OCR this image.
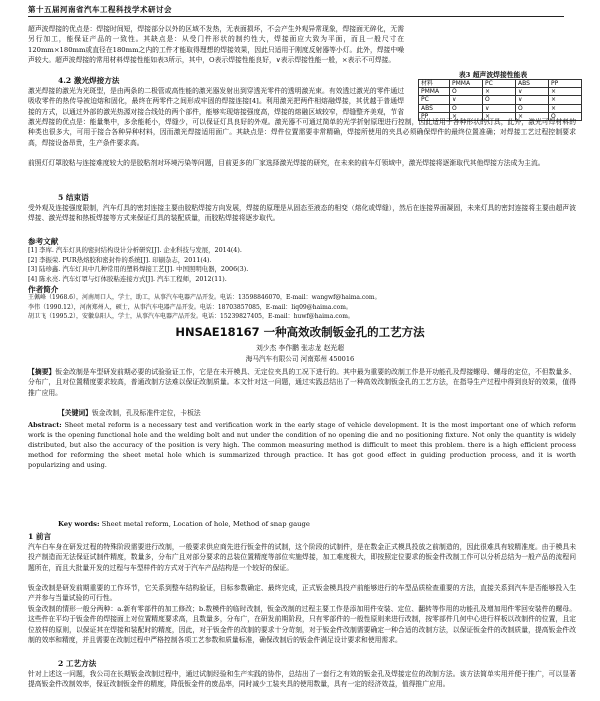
第十五届河南省汽车工程科技学术研讨会

超声波焊接的优点是：焊接时间短，焊接部分以外的区域不发热，无表面损坏，不会产生外观异常现象，焊接面无碎化，无需另行加工，能保证产品的一致性。其缺点是：从受门件形状的制约性大，焊接面应大致为平面，而且一般尺寸在120mm×180mm或直径在180mm之内的工件才能取得理想的焊接效果，因此只适用于刚度反射器等小灯。此外，焊接中噪声较大。超声波焊接的常用材料焊接性能如表3所示，其中，O表示焊接性能良好，∨表示焊接性能一般，×表示不可焊接。

表3 超声波焊接性能表
材料	PMMA	PC	ABS	PP
PMMA	O	×	∨	×
PC	∨	O	∨	×
ABS	O	∨	O	×
PP	×	×	×	O
4.2 激光焊接方法

激光焊接的激光为光斑型，是由两条的二极管或高性能的激光器发射出到穿透光零件的透明激光束。有效透过激光的零件通过吸收零件的热传导被迫熔和固化，最终在两零件之间形成牢固的焊接连接[4]。利用激光把两件相熔融焊接，其优越于普通焊接的方式，以通过外部的激光热源对接合线处的两个部件，能够实现熔接强度高，焊接的熔融区域较窄，焊缝整齐美观，节省

激光焊接的优点是：能量集中，多余能耗小，焊缝少，可以保证灯具良好的外观。激光器不可通过简单的光学折射原理进行控制，因此适用于各种形状的灯具，此外，激光可焊材料的种类也很多大，可用于接合各种异种材料，因而激光焊接适用面广。其缺点是：焊件位置需要非常精确，焊接所使用的夹具必须确保焊件的最终位置准确；对焊接工艺过程控制要求高，焊接设备昂贵，生产条件要求高。

前照灯灯罩胶粘与连接难度较大的是胶粘剂对环境污染等问题，目前更多的厂家选择激光焊接的研究，在未来的前车灯领域中，激光焊接将逐渐取代其他焊接方法成为主流。

5 结束语

受外观及连接强度限制，汽车灯具的密封连接主要由胶粘焊接方向发展，焊接的原理是从固态至液态的相变（熔化或焊缝），然后在连接界面凝固，未来灯具的密封连接将主要由超声波焊接、激光焊接和热板焊接等方式来保证灯具的装配质量，而胶粘焊接将逐步取代。

参考文献
[1] 李库. 汽车灯具的密封结构设计分析研究[J]. 企业科技与发展，2014(4).
[2] 李振荣. PUR热熔胶和密封件的系统[J]. 印刷杂志，2011(4).
[3] 陆珍鑫. 汽车灯具中几种常用的塑料焊接工艺[J]. 中国照明电器，2006(3).
[4] 陈永亮. 汽车灯罩与灯体胶粘连接方式[J]. 汽车工程师，2012(11).
作者简介
王佩峰（1968.6），河南周口人，学士，助工，从事汽车电器产品开发。电话：13598846070，E-mail：wangwf@haima.com。
李伟（1990.12），河南郑州人，硕士，从事汽车电器产品开发。电话：18703857085，E-mail：liq09@haima.com。
胡卫飞（1995.2），安徽阜阳人，学士，从事汽车电器产品开发。电话：15239827405，E-mail：huwf@haima.com。
HNSAE18167 一种高效改制钣金孔的工艺方法
刘少杰 李作鹏 张志龙 赵光超
海马汽车有限公司 河南郑州 450016

【摘要】钣金改制是车型研发前期必要的试验验证工作，它是在未开模具、无定位夹具的工况下进行的。其中最为重要的改制工作是开功能孔及焊接螺母、螺母的定位，不但数量多、分布广，且对位置精度要求较高，普通改制方法难以保证改制质量。本文针对这一问题，通过实践总结出了一种高效改制钣金孔的工艺方法，在指导生产过程中得到良好的效果，值得推广应用。

【关键词】钣金改制，孔及标准件定位，卡板法

Abstract: Sheet metal reform is a necessary test and verification work in the early stage of vehicle development. It is the most important one of which reform work is the opening functional hole and the welding bolt and nut under the condition of no opening die and no positioning fixture. Not only the quantity is widely distributed, but also the accuracy of the position is very high. The common measuring method is difficult to meet this problem. there is a high efficient process method for reforming the sheet metal hole which is summarized through practice. It has got good effect in guiding production process, and it is worth popularizing and using.

Key words: Sheet metal reform, Location of hole, Method of snap gauge
1 前言

汽车白车身在研发过程的特殊阶段需要进行改制，一般要求供应商先进行钣金件的试制，这个阶段的试制件，是在数金正式模具投放之前制造的，因此很难具有较精准度。由于模具未投产制造而无法保证试制件精度，数量多，分布广且对部分要求的总装位置精度等部位实施焊接，加工难度极大，即按照定位要求的钣金件改制工作可以分析总结为一般产品的流程问题所在，而且大批量开发的过程与车型样件的方式对于汽车产品结构是一个较好的保证。

钣金改制是研发前期重要的工作环节，它关系到整车结构验证，目标参数确定、最终完成，正式钣金模具投产前能够进行的车型品质检查重要的方法，直接关系到汽车是否能够投入生产并参与当量试验的可行性。

钣金改制的情形一般分两种：a.新有零部件的加工修改；b.数模件的临时改制，钣金改制的过程主要工作是添加用件安装、定位、翻转等作用的功能孔及增加用件零回安装件的螺母。这些件在平均于钣金件的焊接面上对位置精度要求高，且数量多，分布广，在研发前期阶段，只有零部件的一般性原则来进行改制，按零部件几何中心进行样板以改制件的位置，且定位放样的原则，以保证其在焊接和装配时的精度，因此，对于钣金件的改制的要求十分苛刻，对于钣金件改制需要确定一种合适的改制方法，以保证钣金件的改制质量，提高钣金件改制的效率和精度，并且需要在改制过程中严格控制各项工艺参数和质量标准，确保改制后的钣金件满足设计要求和使用需求。

2 工艺方法

针对上述这一问题，我公司在长期钣金改制过程中，通过试制经验和生产实践的协作，总结出了一套行之有效的钣金孔及焊接定位的改制方法。该方法简单实用并便于推广，可以显著提高钣金件改制效率，保证改制钣金件的精度，降低钣金件的废品率，同时减少工装夹具的使用数量，具有一定的经济效益，值得推广应用。
